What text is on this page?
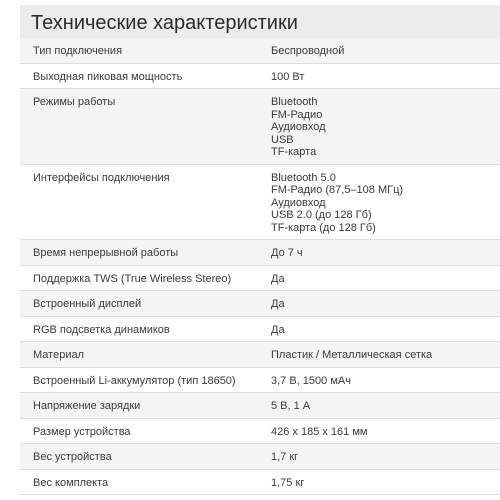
Технические характеристики
Тип подключения	Беспроводной

Выходная пиковая мощность	100 Вт

Режимы работы	Bluetooth
FM-Радио
Аудиовход
USB
TF-карта

Интерфейсы подключения	Bluetooth 5.0
FM-Радио (87,5–108 МГц)
Аудиовход
USB 2.0 (до 128 Гб)
TF-карта (до 128 Гб)

Время непрерывной работы	До 7 ч

Поддержка TWS (True Wireless Stereo)	Да

Встроенный дисплей	Да

RGB подсветка динамиков	Да

Материал	Пластик / Металлическая сетка

Встроенный Li-аккумулятор (тип 18650)	3,7 В, 1500 мАч

Напряжение зарядки	5 В, 1 А

Размер устройства	426 x 185 x 161 мм

Вес устройства	1,7 кг

Вес комплекта	1,75 кг
